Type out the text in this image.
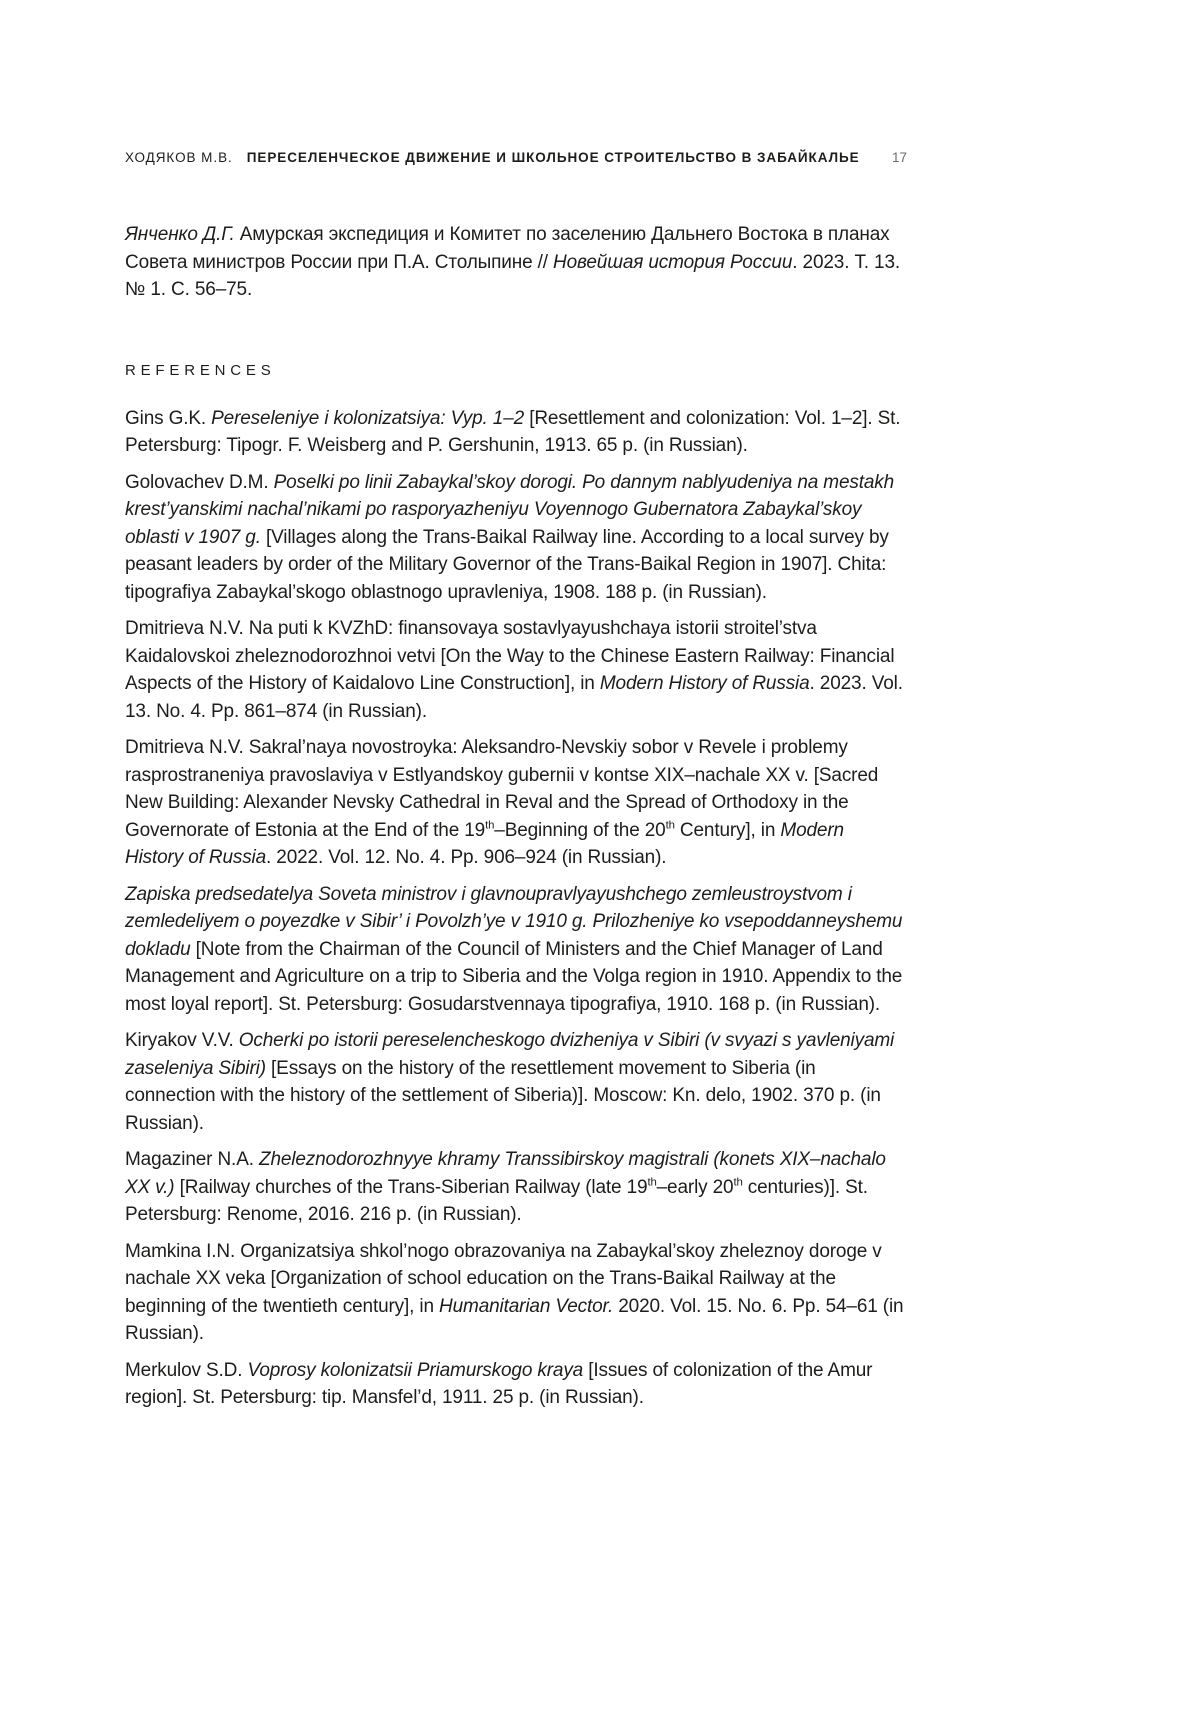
ХОДЯКОВ М.В. ПЕРЕСЕЛЕНЧЕСКОЕ ДВИЖЕНИЕ И ШКОЛЬНОЕ СТРОИТЕЛЬСТВО В ЗАБАЙКАЛЬЕ 17

Янченко Д.Г. Амурская экспедиция и Комитет по заселению Дальнего Востока в планах Совета министров России при П.А. Столыпине // Новейшая история России. 2023. Т. 13. № 1. С. 56–75.

REFERENCES

Gins G.K. Pereseleniye i kolonizatsiya: Vyp. 1–2 [Resettlement and colonization: Vol. 1–2]. St. Petersburg: Tipogr. F. Weisberg and P. Gershunin, 1913. 65 p. (in Russian).

Golovachev D.M. Poselki po linii Zabaykal’skoy dorogi. Po dannym nablyudeniya na mestakh krest’yanskimi nachal’nikami po rasporyazheniyu Voyennogo Gubernatora Zabaykal’skoy oblasti v 1907 g. [Villages along the Trans-Baikal Railway line. According to a local survey by peasant leaders by order of the Military Governor of the Trans-Baikal Region in 1907]. Chita: tipografiya Zabaykal’skogo oblastnogo upravleniya, 1908. 188 p. (in Russian).

Dmitrieva N.V. Na puti k KVZhD: finansovaya sostavlyayushchaya istorii stroitel’stva Kaidalovskoi zheleznodorozhnoi vetvi [On the Way to the Chinese Eastern Railway: Financial Aspects of the History of Kaidalovo Line Construction], in Modern History of Russia. 2023. Vol. 13. No. 4. Pp. 861–874 (in Russian).

Dmitrieva N.V. Sakral’naya novostroyka: Aleksandro-Nevskiy sobor v Revele i problemy rasprostraneniya pravoslaviya v Estlyandskoy gubernii v kontse XIX–nachale XX v. [Sacred New Building: Alexander Nevsky Cathedral in Reval and the Spread of Orthodoxy in the Governorate of Estonia at the End of the 19th–Beginning of the 20th Century], in Modern History of Russia. 2022. Vol. 12. No. 4. Pp. 906–924 (in Russian).

Zapiska predsedatelya Soveta ministrov i glavnoupravlyayushchego zemleustroystvom i zemledeliyem o poyezdke v Sibir’ i Povolzh’ye v 1910 g. Prilozheniye ko vsepoddanneyshemu dokladu [Note from the Chairman of the Council of Ministers and the Chief Manager of Land Management and Agriculture on a trip to Siberia and the Volga region in 1910. Appendix to the most loyal report]. St. Petersburg: Gosudarstvennaya tipografiya, 1910. 168 p. (in Russian).

Kiryakov V.V. Ocherki po istorii pereselencheskogo dvizheniya v Sibiri (v svyazi s yavleniyami zaseleniya Sibiri) [Essays on the history of the resettlement movement to Siberia (in connection with the history of the settlement of Siberia)]. Moscow: Kn. delo, 1902. 370 p. (in Russian).

Magaziner N.A. Zheleznodorozhnyye khramy Transsibirskoy magistrali (konets XIX–nachalo XX v.) [Railway churches of the Trans-Siberian Railway (late 19th–early 20th centuries)]. St. Petersburg: Renome, 2016. 216 p. (in Russian).

Mamkina I.N. Organizatsiya shkol’nogo obrazovaniya na Zabaykal’skoy zheleznoy doroge v nachale XX veka [Organization of school education on the Trans-Baikal Railway at the beginning of the twentieth century], in Humanitarian Vector. 2020. Vol. 15. No. 6. Pp. 54–61 (in Russian).

Merkulov S.D. Voprosy kolonizatsii Priamurskogo kraya [Issues of colonization of the Amur region]. St. Petersburg: tip. Mansfel’d, 1911. 25 p. (in Russian).
